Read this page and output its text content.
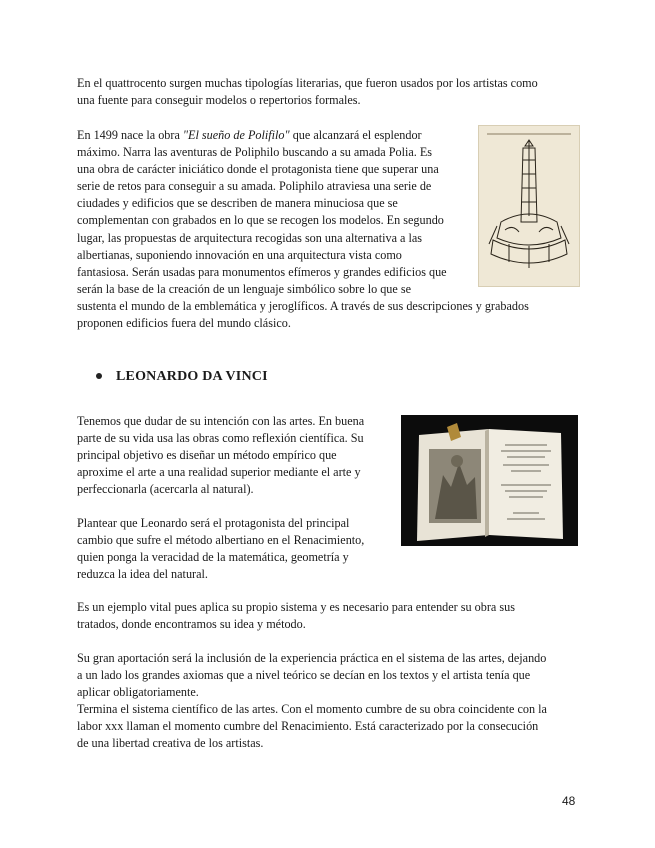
En el quattrocento surgen muchas tipologías literarias, que fueron usados por los artistas como
una fuente para conseguir modelos o repertorios formales.

En 1499 nace la obra "El sueño de Polifilo" que alcanzará el esplendor
máximo. Narra las aventuras de Poliphilo buscando a su amada Polia. Es
una obra de carácter iniciático donde el protagonista tiene que superar una
serie de retos para conseguir a su amada. Poliphilo atraviesa una serie de
ciudades y edificios que se describen de manera minuciosa que se
complementan con grabados en lo que se recogen los modelos. En segundo
lugar, las propuestas de arquitectura recogidas son una alternativa a las
albertianas, suponiendo innovación en una arquitectura vista como
fantasiosa. Serán usadas para monumentos efímeros y grandes edificios que
serán la base de la creación de un lenguaje simbólico sobre lo que se
sustenta el mundo de la emblemática y jeroglíficos. A través de sus descripciones y grabados
proponen edificios fuera del mundo clásico.

LEONARDO DA VINCI

Tenemos que dudar de su intención con las artes. En buena
parte de su vida usa las obras como reflexión científica. Su
principal objetivo es diseñar un método empírico que
aproxime el arte a una realidad superior mediante el arte y
perfeccionarla (acercarla al natural).

Plantear que Leonardo será el protagonista del principal
cambio que sufre el método albertiano en el Renacimiento,
quien ponga la veracidad de la matemática, geometría y
reduzca la idea del natural.

Es un ejemplo vital pues aplica su propio sistema y es necesario para entender su obra sus
tratados, donde encontramos su idea y método.

Su gran aportación será la inclusión de la experiencia práctica en el sistema de las artes, dejando
a un lado los grandes axiomas que a nivel teórico se decían en los textos y el artista tenía que
aplicar obligatoriamente.
Termina el sistema científico de las artes. Con el momento cumbre de su obra coincidente con la
labor xxx llaman el momento cumbre del Renacimiento. Está caracterizado por la consecución
de una libertad creativa de los artistas.

48
